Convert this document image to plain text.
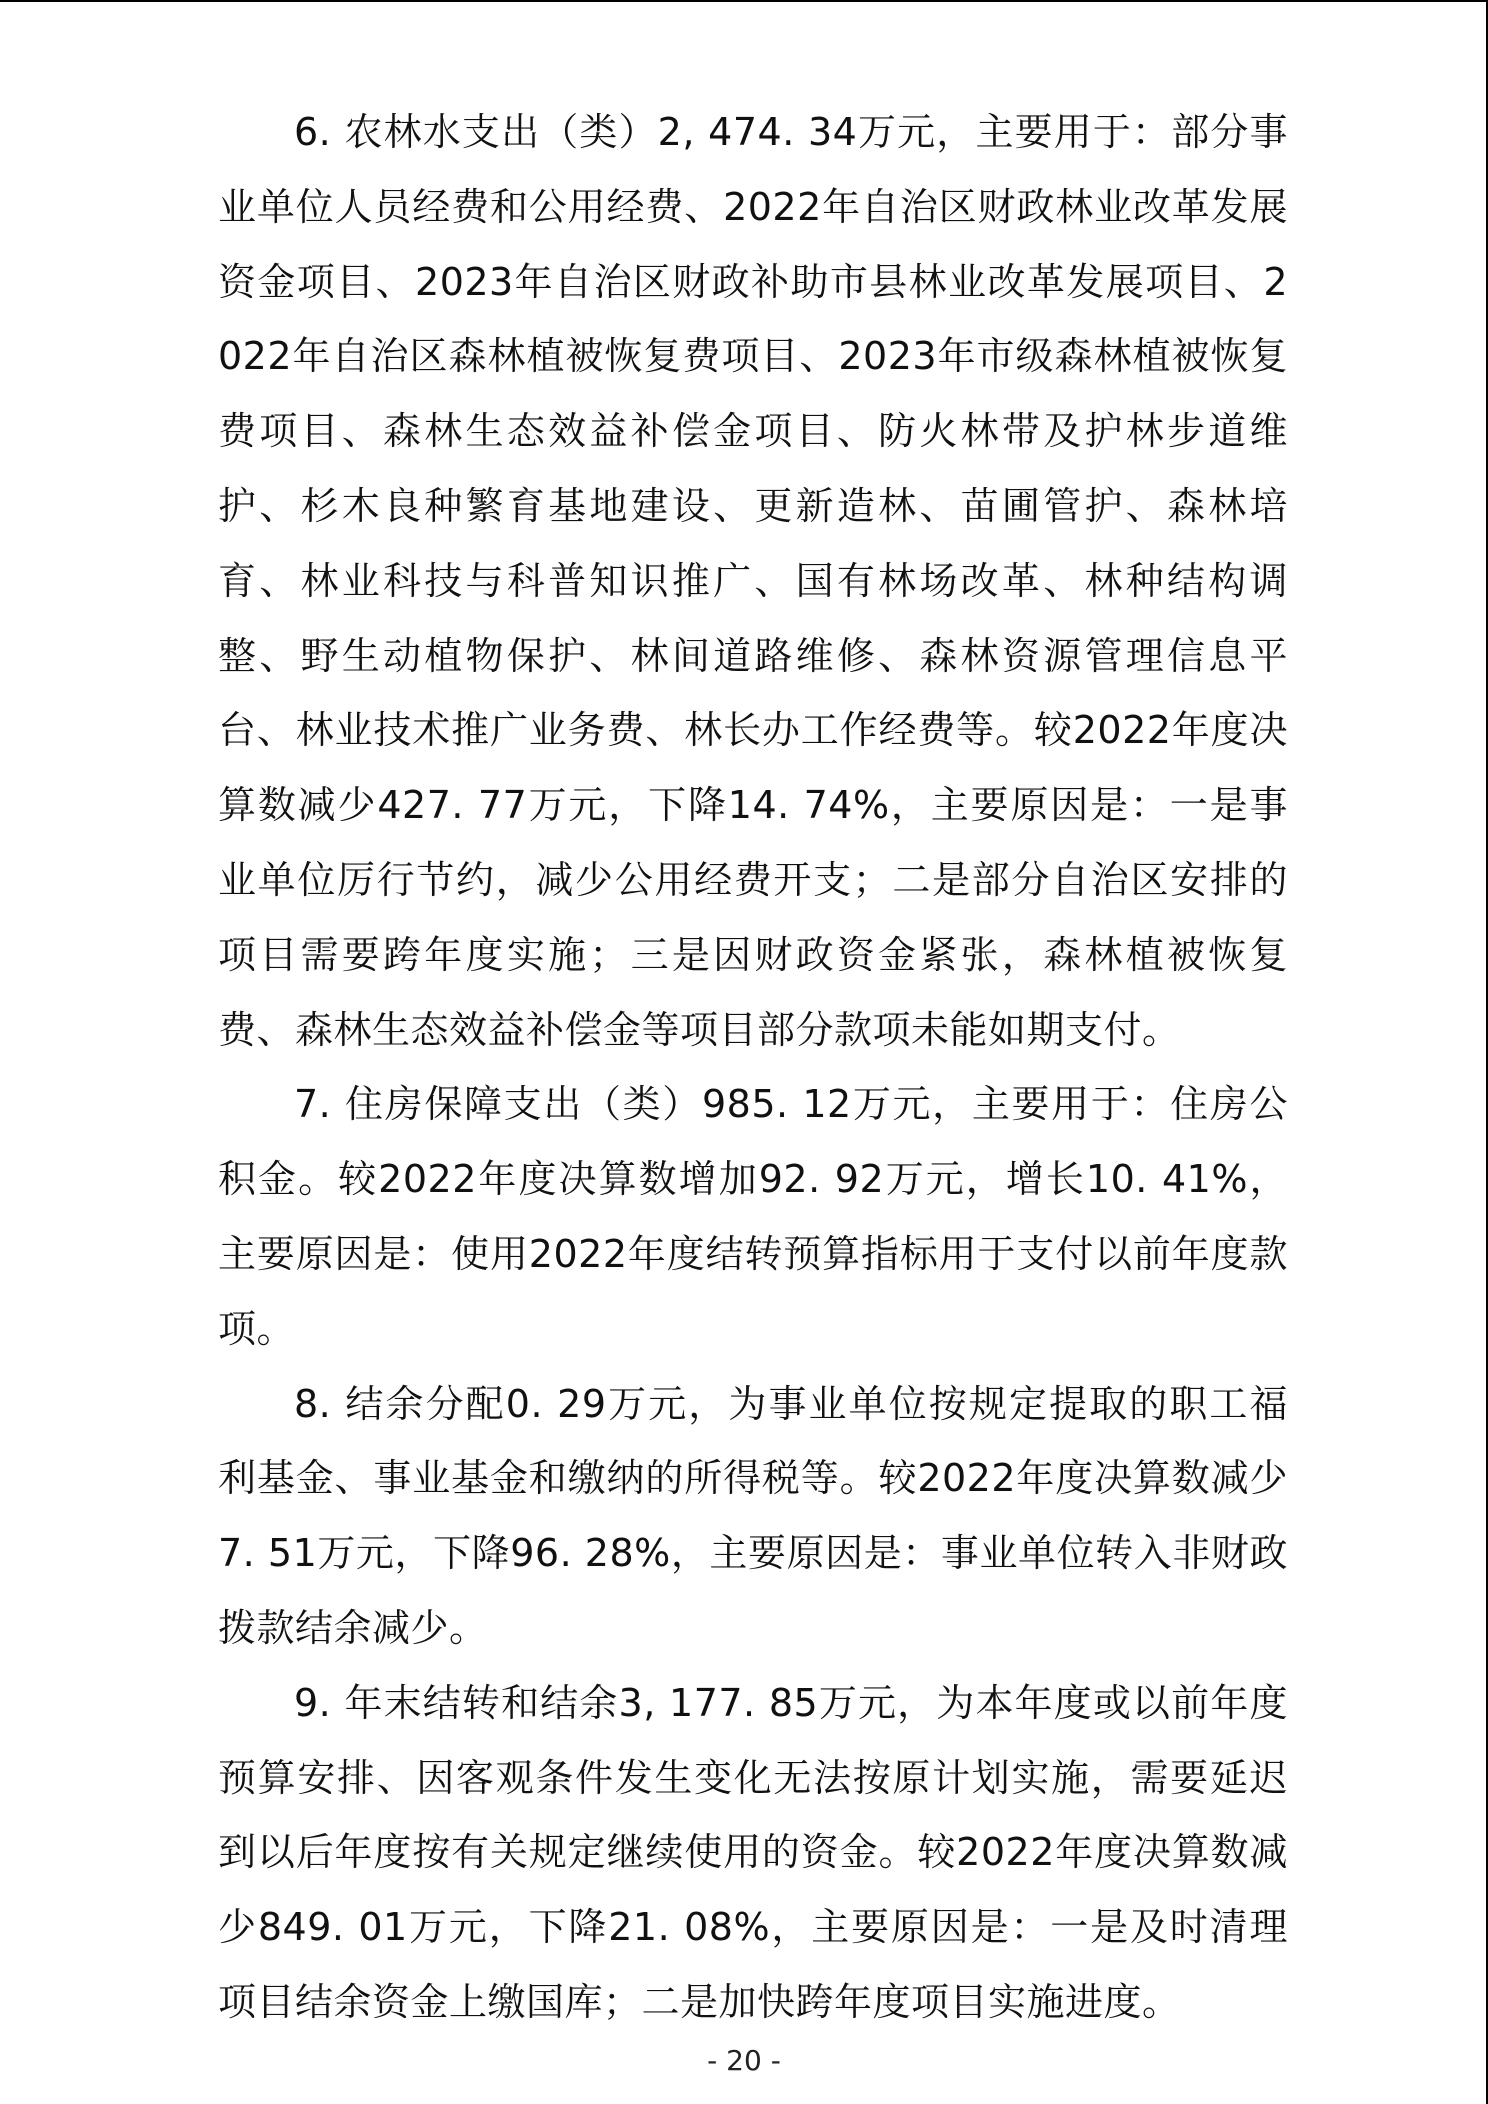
6. 农林水支出（类）2, 474. 34万元，主要用于：部分事业单位人员经费和公用经费、2022年自治区财政林业改革发展资金项目、2023年自治区财政补助市县林业改革发展项目、2022年自治区森林植被恢复费项目、2023年市级森林植被恢复费项目、森林生态效益补偿金项目、防火林带及护林步道维护、杉木良种繁育基地建设、更新造林、苗圃管护、森林培育、林业科技与科普知识推广、国有林场改革、林种结构调整、野生动植物保护、林间道路维修、森林资源管理信息平台、林业技术推广业务费、林长办工作经费等。较2022年度决算数减少427. 77万元，下降14. 74%，主要原因是：一是事业单位厉行节约，减少公用经费开支；二是部分自治区安排的项目需要跨年度实施；三是因财政资金紧张，森林植被恢复费、森林生态效益补偿金等项目部分款项未能如期支付。

7. 住房保障支出（类）985. 12万元，主要用于：住房公积金。较2022年度决算数增加92. 92万元，增长10. 41%，主要原因是：使用2022年度结转预算指标用于支付以前年度款项。

8. 结余分配0. 29万元，为事业单位按规定提取的职工福利基金、事业基金和缴纳的所得税等。较2022年度决算数减少7. 51万元，下降96. 28%，主要原因是：事业单位转入非财政拨款结余减少。

9. 年末结转和结余3, 177. 85万元，为本年度或以前年度预算安排、因客观条件发生变化无法按原计划实施，需要延迟到以后年度按有关规定继续使用的资金。较2022年度决算数减少849. 01万元，下降21. 08%，主要原因是：一是及时清理项目结余资金上缴国库；二是加快跨年度项目实施进度。

- 20 -
